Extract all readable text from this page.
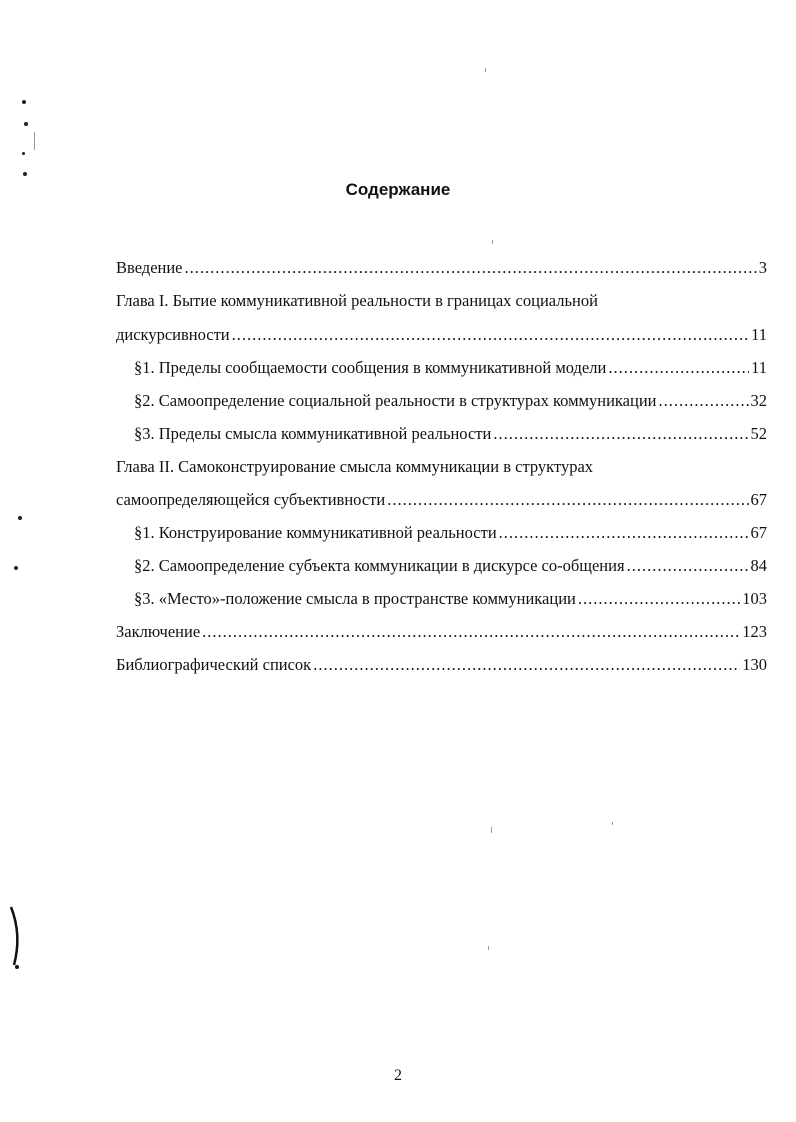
Содержание
Введение .....	3
Глава I. Бытие коммуникативной реальности в границах социальной
дискурсивности .....	11
§1. Пределы сообщаемости сообщения в коммуникативной модели .....	11
§2. Самоопределение социальной реальности в структурах коммуникации .....	32
§3. Пределы смысла коммуникативной реальности .....	52
Глава II. Самоконструирование смысла коммуникации в структурах
самоопределяющейся субъективности .....	67
§1. Конструирование коммуникативной реальности .....	67
§2. Самоопределение субъекта коммуникации в дискурсе со-общения .....	84
§3. «Место»-положение смысла в пространстве коммуникации .....	103
Заключение .....	123
Библиографический список .....	130
2
